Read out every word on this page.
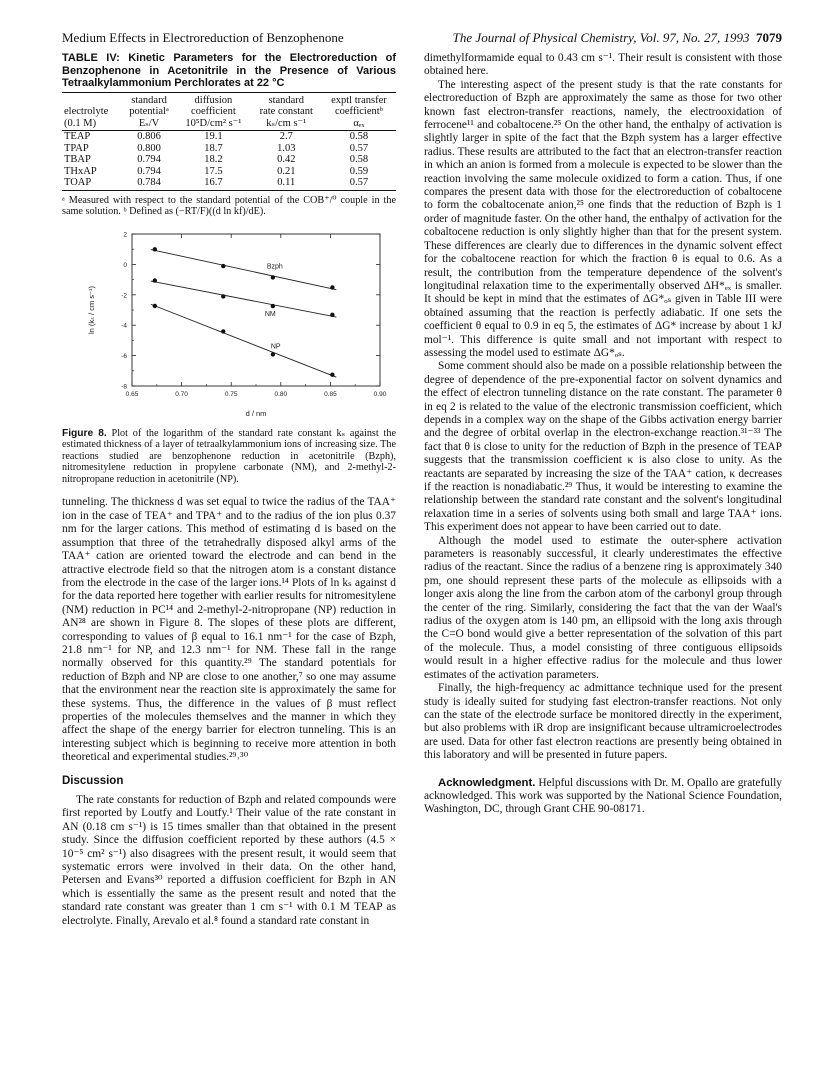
Medium Effects in Electroreduction of Benzophenone	The Journal of Physical Chemistry, Vol. 97, No. 27, 1993 7079
TABLE IV: Kinetic Parameters for the Electroreduction of Benzophenone in Acetonitrile in the Presence of Various Tetraalkylammonium Perchlorates at 22 °C
	standard	diffusion	standard	exptl transfer
electrolyte	potentialᵃ	coefficient	rate constant	coefficientᵇ
(0.1 M)	Eₛ/V	10⁵D/cm² s⁻¹	kₛ/cm s⁻¹	αₑₓ
TEAP	0.806	19.1	2.7	0.58
TPAP	0.800	18.7	1.03	0.57
TBAP	0.794	18.2	0.42	0.58
THxAP	0.794	17.5	0.21	0.59
TOAP	0.784	16.7	0.11	0.57
ᵃ Measured with respect to the standard potential of the COB⁺/⁰ couple in the same solution. ᵇ Defined as (−RT/F)((d ln kf)/dE).
0.65	0.70	0.75	0.80	0.85	0.90
2
0
-2
-4
-6
-8
d / nm
ln (kₛ / cm s⁻¹)
Bzph
NM
NP
Figure 8. Plot of the logarithm of the standard rate constant kₛ against the estimated thickness of a layer of tetraalkylammonium ions of increasing size. The reactions studied are benzophenone reduction in acetonitrile (Bzph), nitromesitylene reduction in propylene carbonate (NM), and 2-methyl-2-nitropropane reduction in acetonitrile (NP).

tunneling. The thickness d was set equal to twice the radius of the TAA⁺ ion in the case of TEA⁺ and TPA⁺ and to the radius of the ion plus 0.37 nm for the larger cations. This method of estimating d is based on the assumption that three of the tetrahedrally disposed alkyl arms of the TAA⁺ cation are oriented toward the electrode and can bend in the attractive electrode field so that the nitrogen atom is a constant distance from the electrode in the case of the larger ions.¹⁴ Plots of ln kₛ against d for the data reported here together with earlier results for nitromesitylene (NM) reduction in PC¹⁴ and 2-methyl-2-nitropropane (NP) reduction in AN²⁸ are shown in Figure 8. The slopes of these plots are different, corresponding to values of β equal to 16.1 nm⁻¹ for the case of Bzph, 21.8 nm⁻¹ for NP, and 12.3 nm⁻¹ for NM. These fall in the range normally observed for this quantity.²⁹ The standard potentials for reduction of Bzph and NP are close to one another,⁷ so one may assume that the environment near the reaction site is approximately the same for these systems. Thus, the difference in the values of β must reflect properties of the molecules themselves and the manner in which they affect the shape of the energy barrier for electron tunneling. This is an interesting subject which is beginning to receive more attention in both theoretical and experimental studies.²⁹˒³⁰

Discussion

The rate constants for reduction of Bzph and related compounds were first reported by Loutfy and Loutfy.¹ Their value of the rate constant in AN (0.18 cm s⁻¹) is 15 times smaller than that obtained in the present study. Since the diffusion coefficient reported by these authors (4.5 × 10⁻⁵ cm² s⁻¹) also disagrees with the present result, it would seem that systematic errors were involved in their data. On the other hand, Petersen and Evans³⁰ reported a diffusion coefficient for Bzph in AN which is essentially the same as the present result and noted that the standard rate constant was greater than 1 cm s⁻¹ with 0.1 M TEAP as electrolyte. Finally, Arevalo et al.⁸ found a standard rate constant in

dimethylformamide equal to 0.43 cm s⁻¹. Their result is consistent with those obtained here.

The interesting aspect of the present study is that the rate constants for electroreduction of Bzph are approximately the same as those for two other known fast electron-transfer reactions, namely, the electrooxidation of ferrocene¹¹ and cobaltocene.²⁵ On the other hand, the enthalpy of activation is slightly larger in spite of the fact that the Bzph system has a larger effective radius. These results are attributed to the fact that an electron-transfer reaction in which an anion is formed from a molecule is expected to be slower than the reaction involving the same molecule oxidized to form a cation. Thus, if one compares the present data with those for the electroreduction of cobaltocene to form the cobaltocenate anion,²⁵ one finds that the reduction of Bzph is 1 order of magnitude faster. On the other hand, the enthalpy of activation for the cobaltocene reduction is only slightly higher than that for the present system. These differences are clearly due to differences in the dynamic solvent effect for the cobaltocene reaction for which the fraction θ is equal to 0.6. As a result, the contribution from the temperature dependence of the solvent's longitudinal relaxation time to the experimentally observed ΔH*ₑₓ is smaller. It should be kept in mind that the estimates of ΔG*ₒₛ given in Table III were obtained assuming that the reaction is perfectly adiabatic. If one sets the coefficient θ equal to 0.9 in eq 5, the estimates of ΔG* increase by about 1 kJ mol⁻¹. This difference is quite small and not important with respect to assessing the model used to estimate ΔG*ₒₛ.

Some comment should also be made on a possible relationship between the degree of dependence of the pre-exponential factor on solvent dynamics and the effect of electron tunneling distance on the rate constant. The parameter θ in eq 2 is related to the value of the electronic transmission coefficient, which depends in a complex way on the shape of the Gibbs activation energy barrier and the degree of orbital overlap in the electron-exchange reaction.³¹⁻³³ The fact that θ is close to unity for the reduction of Bzph in the presence of TEAP suggests that the transmission coefficient κ is also close to unity. As the reactants are separated by increasing the size of the TAA⁺ cation, κ decreases if the reaction is nonadiabatic.²⁹ Thus, it would be interesting to examine the relationship between the standard rate constant and the solvent's longitudinal relaxation time in a series of solvents using both small and large TAA⁺ ions. This experiment does not appear to have been carried out to date.

Although the model used to estimate the outer-sphere activation parameters is reasonably successful, it clearly underestimates the effective radius of the reactant. Since the radius of a benzene ring is approximately 340 pm, one should represent these parts of the molecule as ellipsoids with a longer axis along the line from the carbon atom of the carbonyl group through the center of the ring. Similarly, considering the fact that the van der Waal's radius of the oxygen atom is 140 pm, an ellipsoid with the long axis through the C=O bond would give a better representation of the solvation of this part of the molecule. Thus, a model consisting of three contiguous ellipsoids would result in a higher effective radius for the molecule and thus lower estimates of the activation parameters.

Finally, the high-frequency ac admittance technique used for the present study is ideally suited for studying fast electron-transfer reactions. Not only can the state of the electrode surface be monitored directly in the experiment, but also problems with iR drop are insignificant because ultramicroelectrodes are used. Data for other fast electron reactions are presently being obtained in this laboratory and will be presented in future papers.

Acknowledgment. Helpful discussions with Dr. M. Opallo are gratefully acknowledged. This work was supported by the National Science Foundation, Washington, DC, through Grant CHE 90-08171.
